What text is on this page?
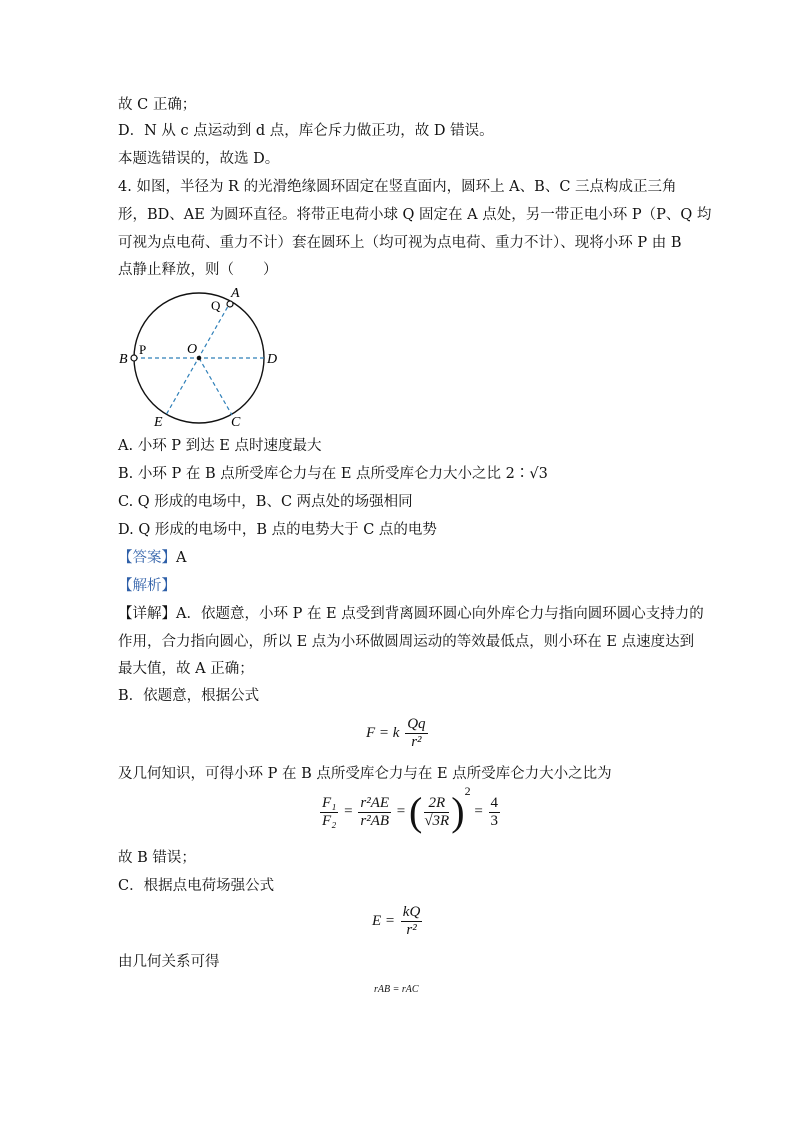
故 C 正确；
D．N 从 c 点运动到 d 点，库仑斥力做正功，故 D 错误。
本题选错误的，故选 D。
4. 如图，半径为 R 的光滑绝缘圆环固定在竖直面内，圆环上 A、B、C 三点构成正三角
形，BD、AE 为圆环直径。将带正电荷小球 Q 固定在 A 点处，另一带正电小环 P（P、Q 均
可视为点电荷、重力不计）套在圆环上（均可视为点电荷、重力不计）、现将小环 P 由 B
点静止释放，则（　　）
A
Q
B
P	O
D
E	C
A. 小环 P 到达 E 点时速度最大
B. 小环 P 在 B 点所受库仑力与在 E 点所受库仑力大小之比 2∶√3
C. Q 形成的电场中，B、C 两点处的场强相同
D. Q 形成的电场中，B 点的电势大于 C 点的电势
【答案】A
【解析】
【详解】A．依题意，小环 P 在 E 点受到背离圆环圆心向外库仑力与指向圆环圆心支持力的
作用，合力指向圆心，所以 E 点为小环做圆周运动的等效最低点，则小环在 E 点速度达到
最大值，故 A 正确；
B．依题意，根据公式
F = k $\frac{Qq}{\text{r²}}$
及几何知识，可得小环 P 在 B 点所受库仑力与在 E 点所受库仑力大小之比为
$\frac{\text{F₁}}{\text{F₂}} = \frac{\text{r²AE}}{\text{r²AB}}$ = ( $\frac{2R}{√3R} )^2 = \frac{4}{3}$
故 B 错误；
C．根据点电荷场强公式
$E = \frac{kQ}{\text{r²}}$
由几何关系可得
rAB = rAC
